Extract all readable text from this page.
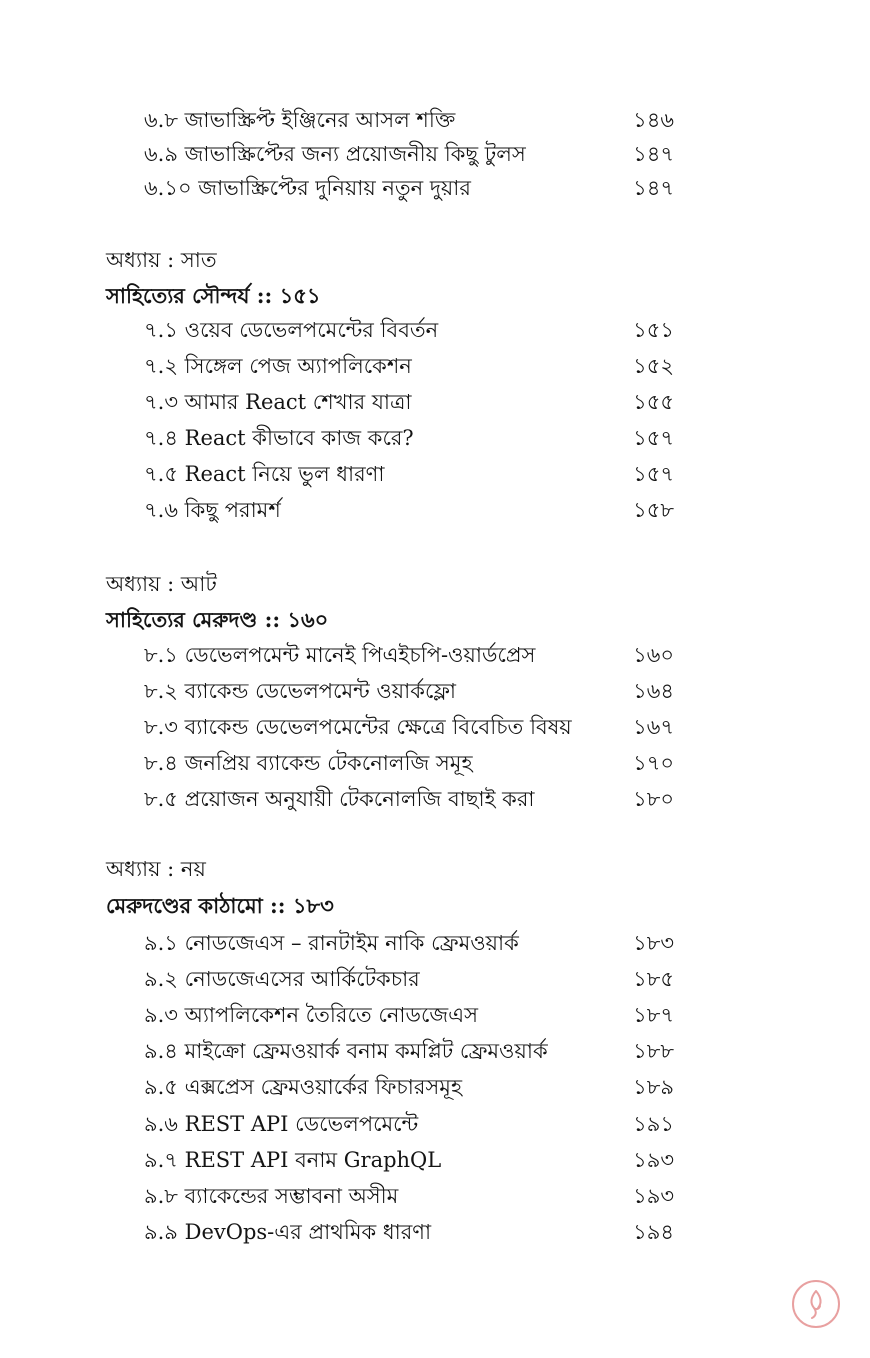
৬.৮ জাভাস্ক্রিপ্ট ইঞ্জিনের আসল শক্তি	১৪৬
৬.৯ জাভাস্ক্রিপ্টের জন্য প্রয়োজনীয় কিছু টুলস	১৪৭
৬.১০ জাভাস্ক্রিপ্টের দুনিয়ায় নতুন দুয়ার	১৪৭
অধ্যায় : সাত
সাহিত্যের সৌন্দর্য :: ১৫১
৭.১ ওয়েব ডেভেলপমেন্টের বিবর্তন	১৫১
৭.২ সিঙ্গেল পেজ অ্যাপলিকেশন	১৫২
৭.৩ আমার React শেখার যাত্রা	১৫৫
৭.৪ React কীভাবে কাজ করে?	১৫৭
৭.৫ React নিয়ে ভুল ধারণা	১৫৭
৭.৬ কিছু পরামর্শ	১৫৮
অধ্যায় : আট
সাহিত্যের মেরুদণ্ড :: ১৬০
৮.১ ডেভেলপমেন্ট মানেই পিএইচপি-ওয়ার্ডপ্রেস	১৬০
৮.২ ব্যাকেন্ড ডেভেলপমেন্ট ওয়ার্কফ্লো	১৬৪
৮.৩ ব্যাকেন্ড ডেভেলপমেন্টের ক্ষেত্রে বিবেচিত বিষয়	১৬৭
৮.৪ জনপ্রিয় ব্যাকেন্ড টেকনোলজি সমূহ	১৭০
৮.৫ প্রয়োজন অনুযায়ী টেকনোলজি বাছাই করা	১৮০
অধ্যায় : নয়
মেরুদণ্ডের কাঠামো :: ১৮৩
৯.১ নোডজেএস – রানটাইম নাকি ফ্রেমওয়ার্ক	১৮৩
৯.২ নোডজেএসের আর্কিটেকচার	১৮৫
৯.৩ অ্যাপলিকেশন তৈরিতে নোডজেএস	১৮৭
৯.৪ মাইক্রো ফ্রেমওয়ার্ক বনাম কমপ্লিট ফ্রেমওয়ার্ক	১৮৮
৯.৫ এক্সপ্রেস ফ্রেমওয়ার্কের ফিচারসমূহ	১৮৯
৯.৬ REST API ডেভেলপমেন্টে	১৯১
৯.৭ REST API বনাম GraphQL	১৯৩
৯.৮ ব্যাকেন্ডের সম্ভাবনা অসীম	১৯৩
৯.৯ DevOps-এর প্রাথমিক ধারণা	১৯৪
